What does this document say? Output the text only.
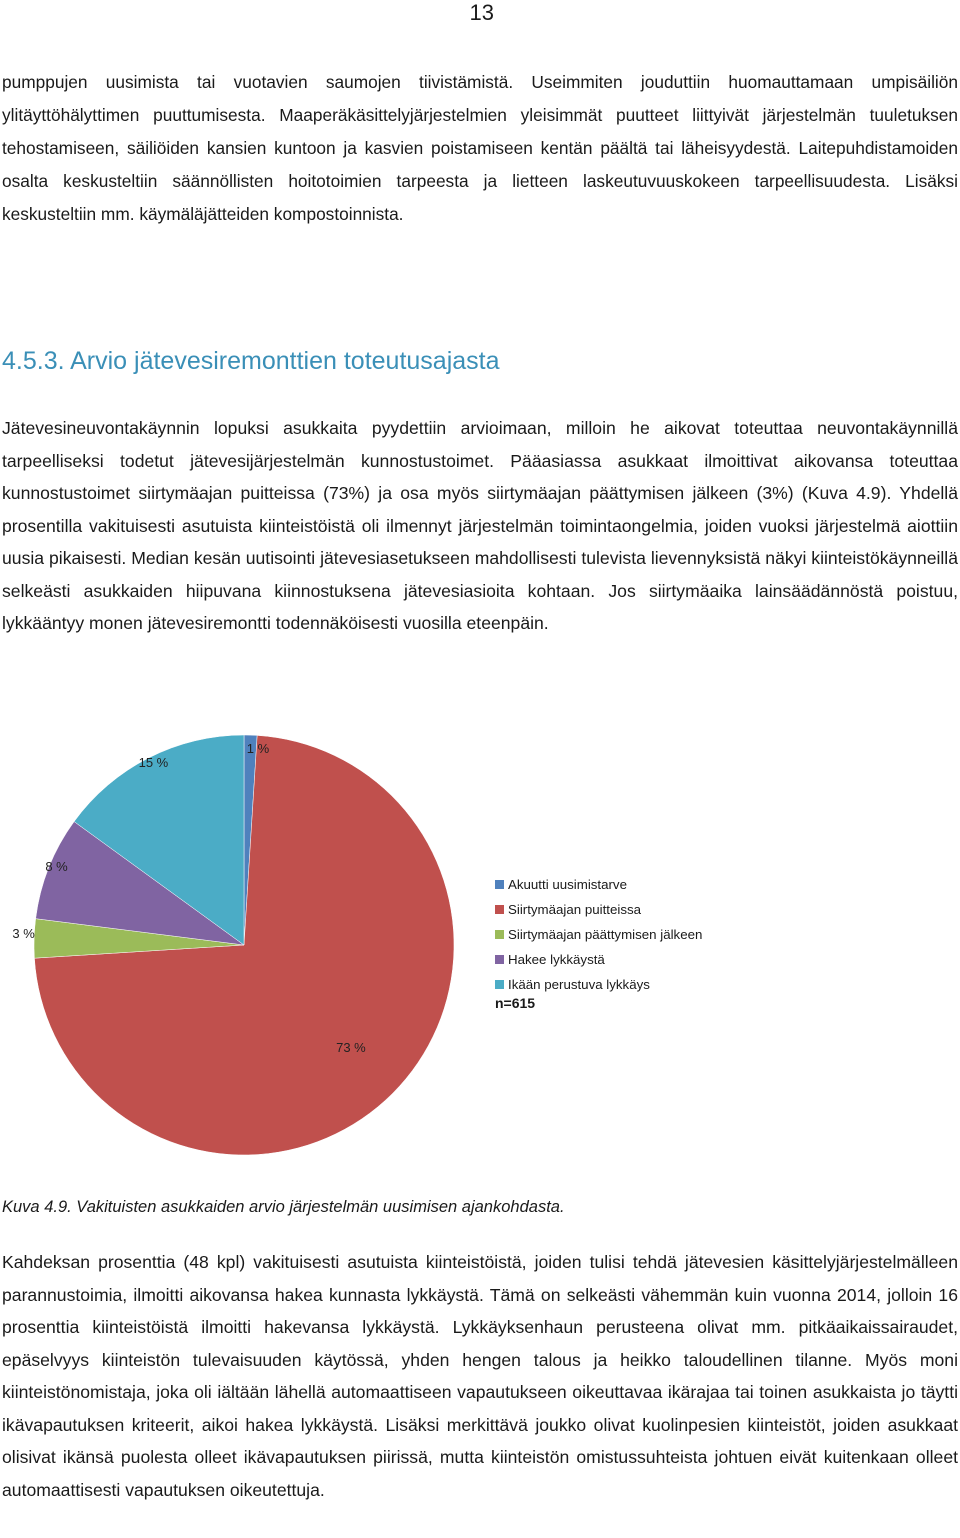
13

pumppujen uusimista tai vuotavien saumojen tiivistämistä. Useimmiten jouduttiin huomauttamaan umpisäiliön ylitäyttöhälyttimen puuttumisesta. Maaperäkäsittelyjärjestelmien yleisimmät puutteet liittyivät järjestelmän tuuletuksen tehostamiseen, säiliöiden kansien kuntoon ja kasvien poistamiseen kentän päältä tai läheisyydestä. Laitepuhdistamoiden osalta keskusteltiin säännöllisten hoitotoimien tarpeesta ja lietteen laskeutuvuuskokeen tarpeellisuudesta. Lisäksi keskusteltiin mm. käymäläjätteiden kompostoinnista.

4.5.3. Arvio jätevesiremonttien toteutusajasta

Jätevesineuvontakäynnin lopuksi asukkaita pyydettiin arvioimaan, milloin he aikovat toteuttaa neuvontakäynnillä tarpeelliseksi todetut jätevesijärjestelmän kunnostustoimet. Pääasiassa asukkaat ilmoittivat aikovansa toteuttaa kunnostustoimet siirtymäajan puitteissa (73%) ja osa myös siirtymäajan päättymisen jälkeen (3%) (Kuva 4.9). Yhdellä prosentilla vakituisesti asutuista kiinteistöistä oli ilmennyt järjestelmän toimintaongelmia, joiden vuoksi järjestelmä aiottiin uusia pikaisesti. Median kesän uutisointi jätevesiasetukseen mahdollisesti tulevista lievennyksistä näkyi kiinteistökäynneillä selkeästi asukkaiden hiipuvana kiinnostuksena jätevesiasioita kohtaan. Jos siirtymäaika lainsäädännöstä poistuu, lykkääntyy monen jätevesiremontti todennäköisesti vuosilla eteenpäin.

1 %
73 %
3 %
8 %
15 %
Akuutti uusimistarve
Siirtymäajan puitteissa
Siirtymäajan päättymisen jälkeen
Hakee lykkäystä
Ikään perustuva lykkäys
n=615

Kuva 4.9. Vakituisten asukkaiden arvio järjestelmän uusimisen ajankohdasta.

Kahdeksan prosenttia (48 kpl) vakituisesti asutuista kiinteistöistä, joiden tulisi tehdä jätevesien käsittelyjärjestelmälleen parannustoimia, ilmoitti aikovansa hakea kunnasta lykkäystä. Tämä on selkeästi vähemmän kuin vuonna 2014, jolloin 16 prosenttia kiinteistöistä ilmoitti hakevansa lykkäystä. Lykkäyksenhaun perusteena olivat mm. pitkäaikaissairaudet, epäselvyys kiinteistön tulevaisuuden käytössä, yhden hengen talous ja heikko taloudellinen tilanne. Myös moni kiinteistönomistaja, joka oli iältään lähellä automaattiseen vapautukseen oikeuttavaa ikärajaa tai toinen asukkaista jo täytti ikävapautuksen kriteerit, aikoi hakea lykkäystä. Lisäksi merkittävä joukko olivat kuolinpesien kiinteistöt, joiden asukkaat olisivat ikänsä puolesta olleet ikävapautuksen piirissä, mutta kiinteistön omistussuhteista johtuen eivät kuitenkaan olleet automaattisesti vapautuksen oikeutettuja.
